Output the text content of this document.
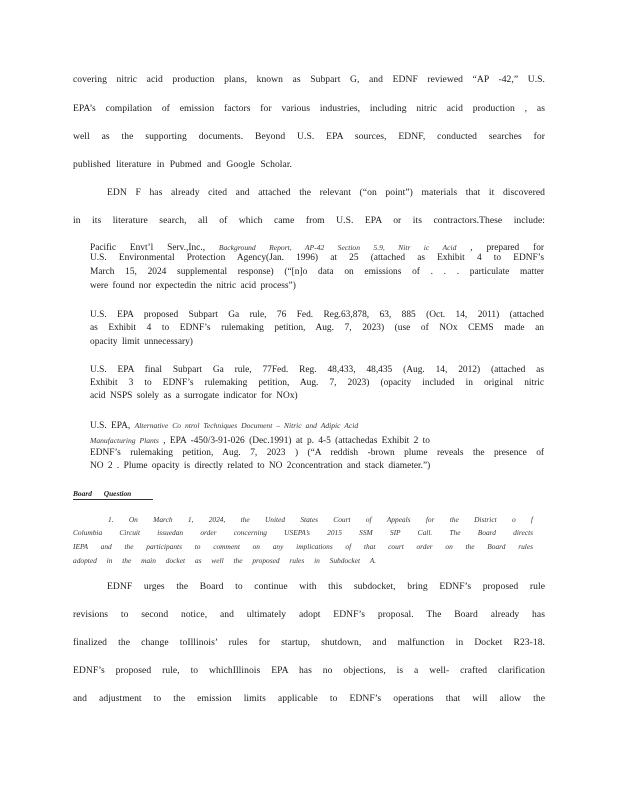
covering nitric acid production plans, known as Subpart G, and EDNF reviewed “AP -42,” U.S.
EPA’s compilation of emission factors for various industries, including nitric acid production , as
well as the supporting documents. Beyond U.S. EPA sources, EDNF, conducted searches for
published literature in Pubmed and Google Scholar.
EDN F has already cited and attached the relevant (“on point”) materials that it discovered
in its literature search, all of which came from U.S. EPA or its contractors.These include:
Pacific Envt’l Serv.,Inc., Background Report, AP-42 Section 5.9, Nitr ic Acid , prepared for
U.S. Environmental Protection Agency(Jan. 1996) at 25 (attached as Exhibit 4 to EDNF’s
March 15, 2024 supplemental response) (“[n]o data on emissions of . . . particulate matter
were found nor expectedin the nitric acid process”)
U.S. EPA proposed Subpart Ga rule, 76 Fed. Reg.63,878, 63, 885 (Oct. 14, 2011) (attached
as Exhibit 4 to EDNF’s rulemaking petition, Aug. 7, 2023) (use of NOx CEMS made an
opacity limit unnecessary)
U.S. EPA final Subpart Ga rule, 77Fed. Reg. 48,433, 48,435 (Aug. 14, 2012) (attached as
Exhibit 3 to EDNF’s rulemaking petition, Aug. 7, 2023) (opacity included in original nitric
acid NSPS solely as a surrogate indicator for NOx)
U.S. EPA, Alternative Co ntrol Techniques Document – Nitric and Adipic Acid
Manufacturing Plants , EPA -450/3-91-026 (Dec.1991) at p. 4-5 (attachedas Exhibit 2 to
EDNF’s rulemaking petition, Aug. 7, 2023 ) (“A reddish -brown plume reveals the presence of
NO 2 . Plume opacity is directly related to NO 2concentration and stack diameter.”)
Board Question
1. On March 1, 2024, the United States Court of Appeals for the District o f
Columbia Circuit issuedan order concerning USEPA’s 2015 SSM SIP Call. The Board directs
IEPA and the participants to comment on any implications of that court order on the Board rules
adopted in the main docket as well the proposed rules in Subdocket A.
EDNF urges the Board to continue with this subdocket, bring EDNF’s proposed rule
revisions to second notice, and ultimately adopt EDNF’s proposal. The Board already has
finalized the change toIllinois’ rules for startup, shutdown, and malfunction in Docket R23-18.
EDNF’s proposed rule, to whichIllinois EPA has no objections, is a well- crafted clarification
and adjustment to the emission limits applicable to EDNF’s operations that will allow the
